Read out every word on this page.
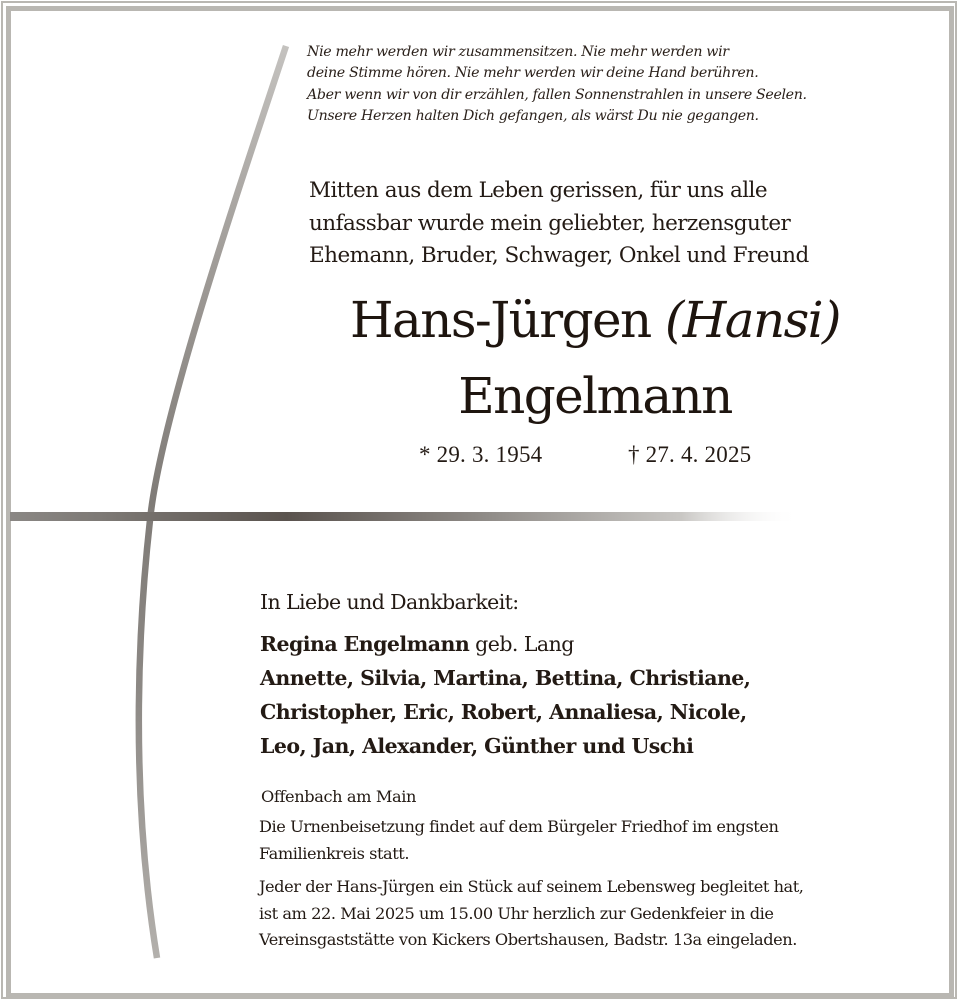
Nie mehr werden wir zusammensitzen. Nie mehr werden wir
deine Stimme hören. Nie mehr werden wir deine Hand berühren.
Aber wenn wir von dir erzählen, fallen Sonnenstrahlen in unsere Seelen.
Unsere Herzen halten Dich gefangen, als wärst Du nie gegangen.
Mitten aus dem Leben gerissen, für uns alle
unfassbar wurde mein geliebter, herzensguter
Ehemann, Bruder, Schwager, Onkel und Freund
Hans-Jürgen (Hansi)
Engelmann
* 29. 3. 1954	† 27. 4. 2025
In Liebe und Dankbarkeit:
Regina Engelmann geb. Lang
Annette, Silvia, Martina, Bettina, Christiane,
Christopher, Eric, Robert, Annaliesa, Nicole,
Leo, Jan, Alexander, Günther und Uschi
Offenbach am Main
Die Urnenbeisetzung findet auf dem Bürgeler Friedhof im engsten
Familienkreis statt.
Jeder der Hans-Jürgen ein Stück auf seinem Lebensweg begleitet hat,
ist am 22. Mai 2025 um 15.00 Uhr herzlich zur Gedenkfeier in die
Vereinsgaststätte von Kickers Obertshausen, Badstr. 13a eingeladen.
